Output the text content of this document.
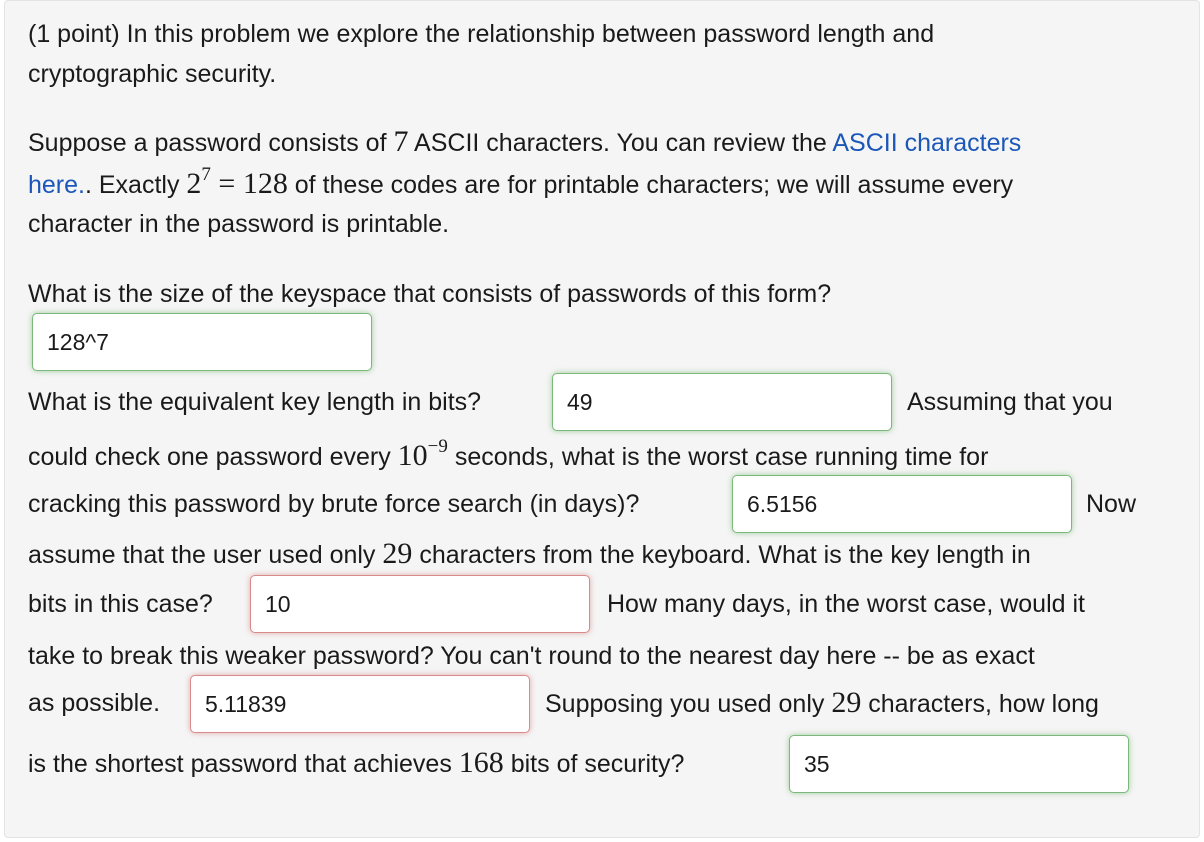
(1 point) In this problem we explore the relationship between password length and
cryptographic security.
Suppose a password consists of 7 ASCII characters. You can review the ASCII characters
here.. Exactly $2^7 = 128$ of these codes are for printable characters; we will assume every
character in the password is printable.
What is the size of the keyspace that consists of passwords of this form?
128^7
What is the equivalent key length in bits?
49	Assuming that you
could check one password every $10^{-9}$ seconds, what is the worst case running time for
cracking this password by brute force search (in days)?
6.5156	Now
assume that the user used only 29 characters from the keyboard. What is the key length in
bits in this case?
10	How many days, in the worst case, would it
take to break this weaker password? You can't round to the nearest day here -- be as exact
as possible.
5.11839	Supposing you used only 29 characters, how long
is the shortest password that achieves 168 bits of security?
35
